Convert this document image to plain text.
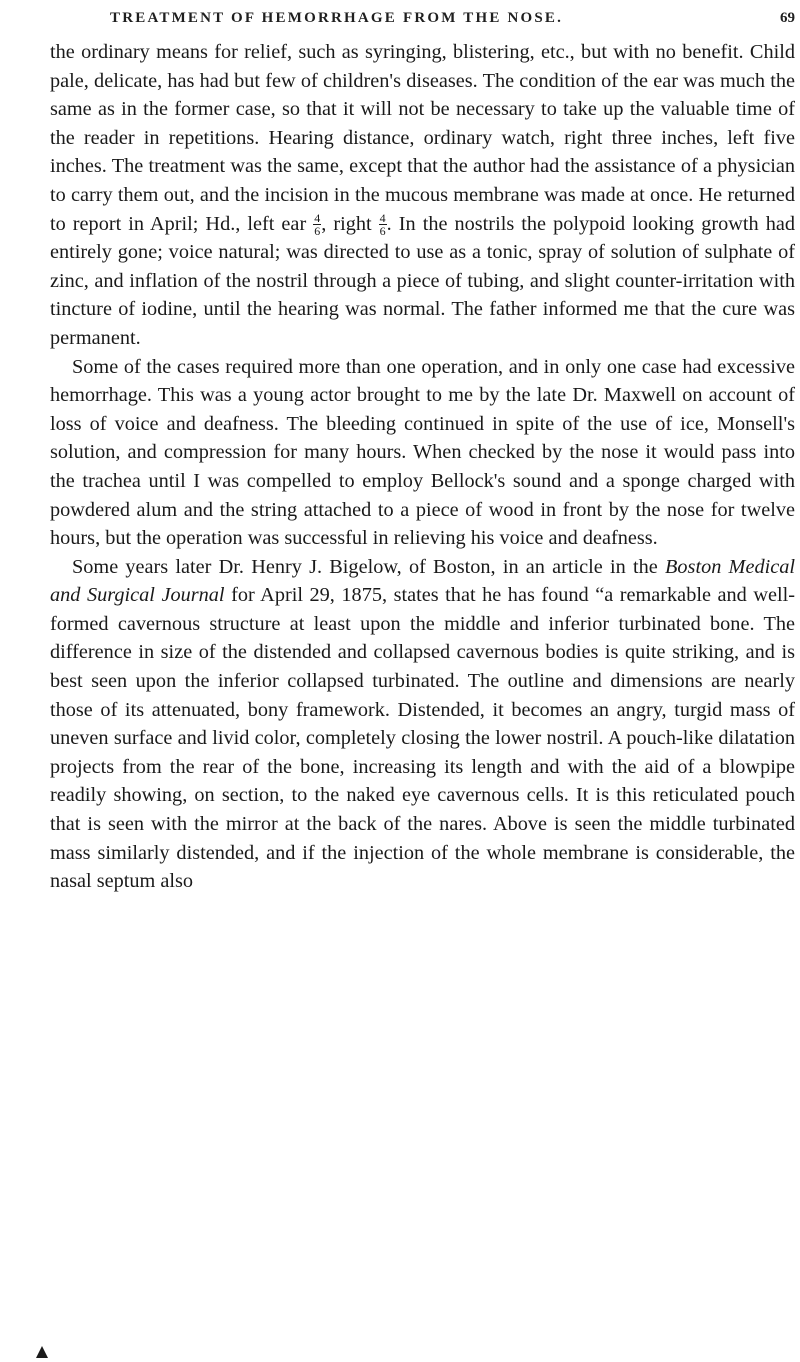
TREATMENT OF HEMORRHAGE FROM THE NOSE.	69

the ordinary means for relief, such as syringing, blistering, etc., but with no benefit. Child pale, delicate, has had but few of children's diseases. The condition of the ear was much the same as in the former case, so that it will not be necessary to take up the valuable time of the reader in repetitions. Hearing distance, ordinary watch, right three inches, left five inches. The treatment was the same, except that the author had the assistance of a physician to carry them out, and the incision in the mucous membrane was made at once. He returned to report in April; Hd., left ear $\frac{4}{6}$ , right $\frac{4}{6}$ . In the nostrils the polypoid looking growth had entirely gone; voice natural; was directed to use as a tonic, spray of solution of sulphate of zinc, and inflation of the nostril through a piece of tubing, and slight counter-irritation with tincture of iodine, until the hearing was normal. The father informed me that the cure was permanent.

Some of the cases required more than one operation, and in only one case had excessive hemorrhage. This was a young actor brought to me by the late Dr. Maxwell on account of loss of voice and deafness. The bleeding continued in spite of the use of ice, Monsell's solution, and compression for many hours. When checked by the nose it would pass into the trachea until I was compelled to employ Bellock's sound and a sponge charged with powdered alum and the string attached to a piece of wood in front by the nose for twelve hours, but the operation was successful in relieving his voice and deafness.

Some years later Dr. Henry J. Bigelow, of Boston, in an article in the Boston Medical and Surgical Journal for April 29, 1875, states that he has found “a remarkable and well-formed cavernous structure at least upon the middle and inferior turbinated bone. The difference in size of the distended and collapsed cavernous bodies is quite striking, and is best seen upon the inferior collapsed turbinated. The outline and dimensions are nearly those of its attenuated, bony framework. Distended, it becomes an angry, turgid mass of uneven surface and livid color, completely closing the lower nostril. A pouch-like dilatation projects from the rear of the bone, increasing its length and with the aid of a blowpipe readily showing, on section, to the naked eye cavernous cells. It is this reticulated pouch that is seen with the mirror at the back of the nares. Above is seen the middle turbinated mass similarly distended, and if the injection of the whole membrane is considerable, the nasal septum also
